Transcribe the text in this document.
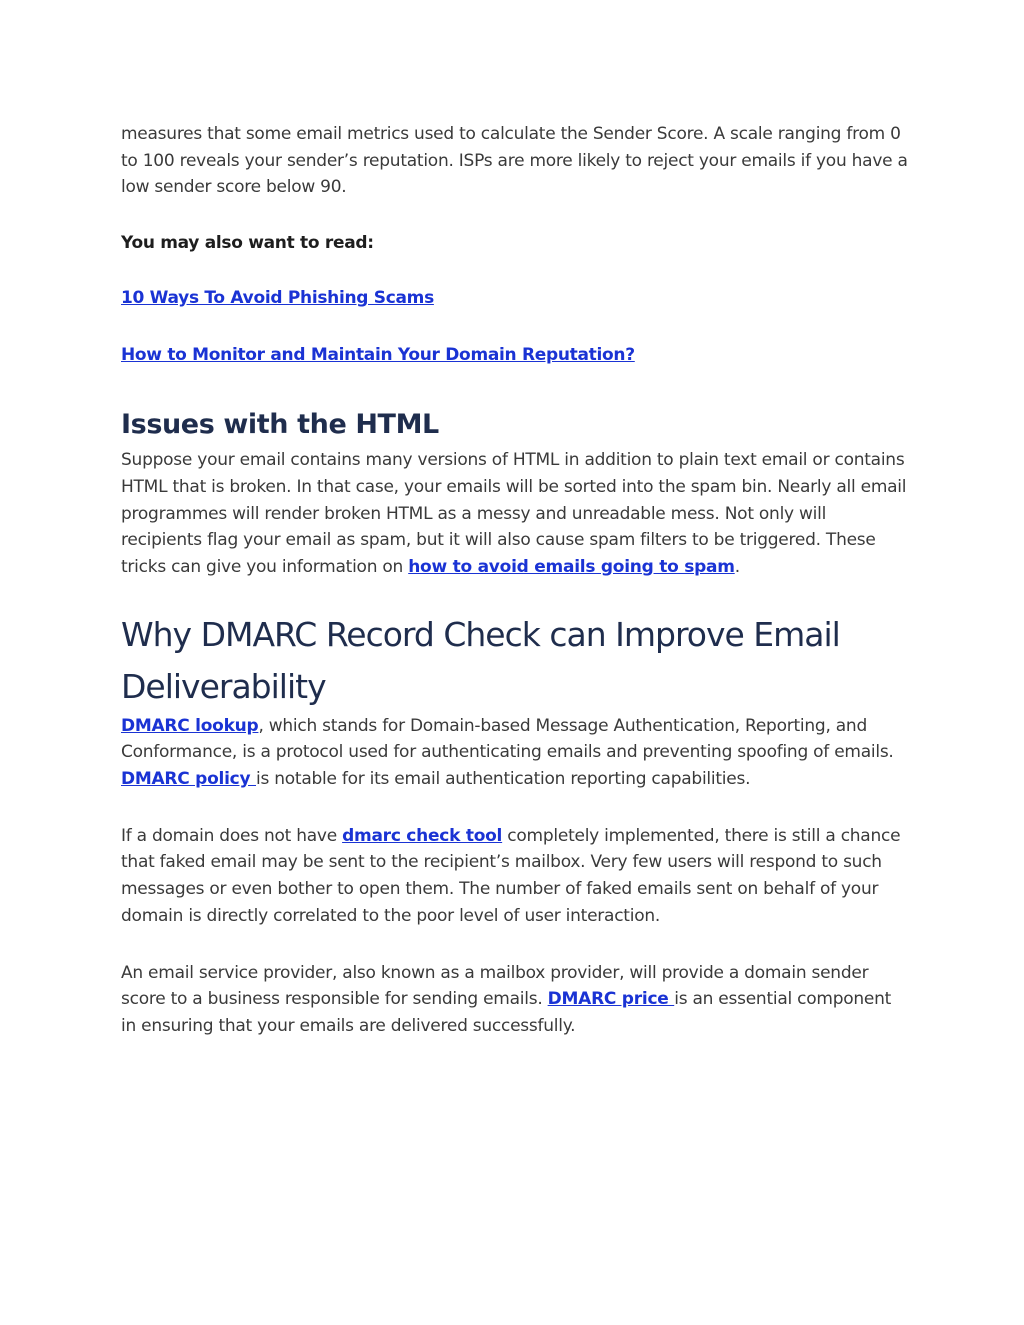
measures that some email metrics used to calculate the Sender Score. A scale ranging from 0 to 100 reveals your sender’s reputation. ISPs are more likely to reject your emails if you have a low sender score below 90.

You may also want to read:

10 Ways To Avoid Phishing Scams

How to Monitor and Maintain Your Domain Reputation?

Issues with the HTML

Suppose your email contains many versions of HTML in addition to plain text email or contains HTML that is broken. In that case, your emails will be sorted into the spam bin. Nearly all email programmes will render broken HTML as a messy and unreadable mess. Not only will recipients flag your email as spam, but it will also cause spam filters to be triggered. These tricks can give you information on how to avoid emails going to spam.

Why DMARC Record Check can Improve Email Deliverability

DMARC lookup, which stands for Domain-based Message Authentication, Reporting, and Conformance, is a protocol used for authenticating emails and preventing spoofing of emails. DMARC policy is notable for its email authentication reporting capabilities.

If a domain does not have dmarc check tool completely implemented, there is still a chance that faked email may be sent to the recipient’s mailbox. Very few users will respond to such messages or even bother to open them. The number of faked emails sent on behalf of your domain is directly correlated to the poor level of user interaction.

An email service provider, also known as a mailbox provider, will provide a domain sender score to a business responsible for sending emails. DMARC price is an essential component in ensuring that your emails are delivered successfully.
